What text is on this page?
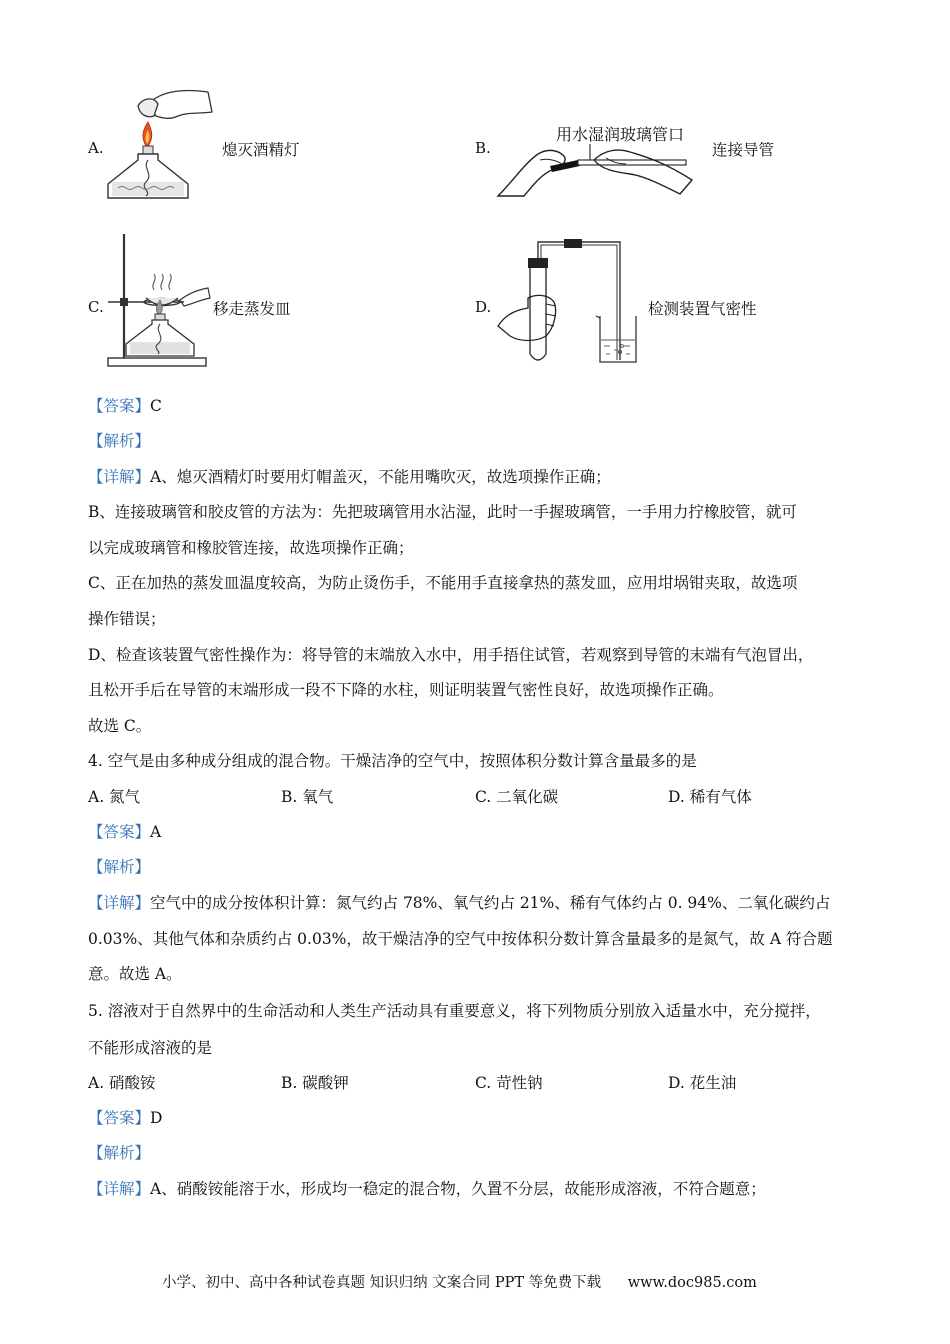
A.	熄灭酒精灯	B.
用水湿润玻璃管口
连接导管
C.	移走蒸发皿	D.	检测装置气密性
【答案】C
【解析】
【详解】A、熄灭酒精灯时要用灯帽盖灭，不能用嘴吹灭，故选项操作正确；
B、连接玻璃管和胶皮管的方法为：先把玻璃管用水沾湿，此时一手握玻璃管，一手用力拧橡胶管，就可
以完成玻璃管和橡胶管连接，故选项操作正确；
C、正在加热的蒸发皿温度较高，为防止烫伤手，不能用手直接拿热的蒸发皿，应用坩埚钳夹取，故选项
操作错误；
D、检查该装置气密性操作为：将导管的末端放入水中，用手捂住试管，若观察到导管的末端有气泡冒出，
且松开手后在导管的末端形成一段不下降的水柱，则证明装置气密性良好，故选项操作正确。
故选 C。
4. 空气是由多种成分组成的混合物。干燥洁净的空气中，按照体积分数计算含量最多的是
A. 氮气	B. 氧气	C. 二氧化碳	D. 稀有气体
【答案】A
【解析】
【详解】空气中的成分按体积计算：氮气约占 78%、氧气约占 21%、稀有气体约占 0. 94%、二氧化碳约占
0.03%、其他气体和杂质约占 0.03%，故干燥洁净的空气中按体积分数计算含量最多的是氮气，故 A 符合题
意。故选 A。
5. 溶液对于自然界中的生命活动和人类生产活动具有重要意义，将下列物质分别放入适量水中，充分搅拌，
不能形成溶液的是
A. 硝酸铵	B. 碳酸钾	C. 苛性钠	D. 花生油
【答案】D
【解析】
【详解】A、硝酸铵能溶于水，形成均一稳定的混合物，久置不分层，故能形成溶液，不符合题意；
小学、初中、高中各种试卷真题 知识归纳 文案合同 PPT 等免费下载 www.doc985.com
